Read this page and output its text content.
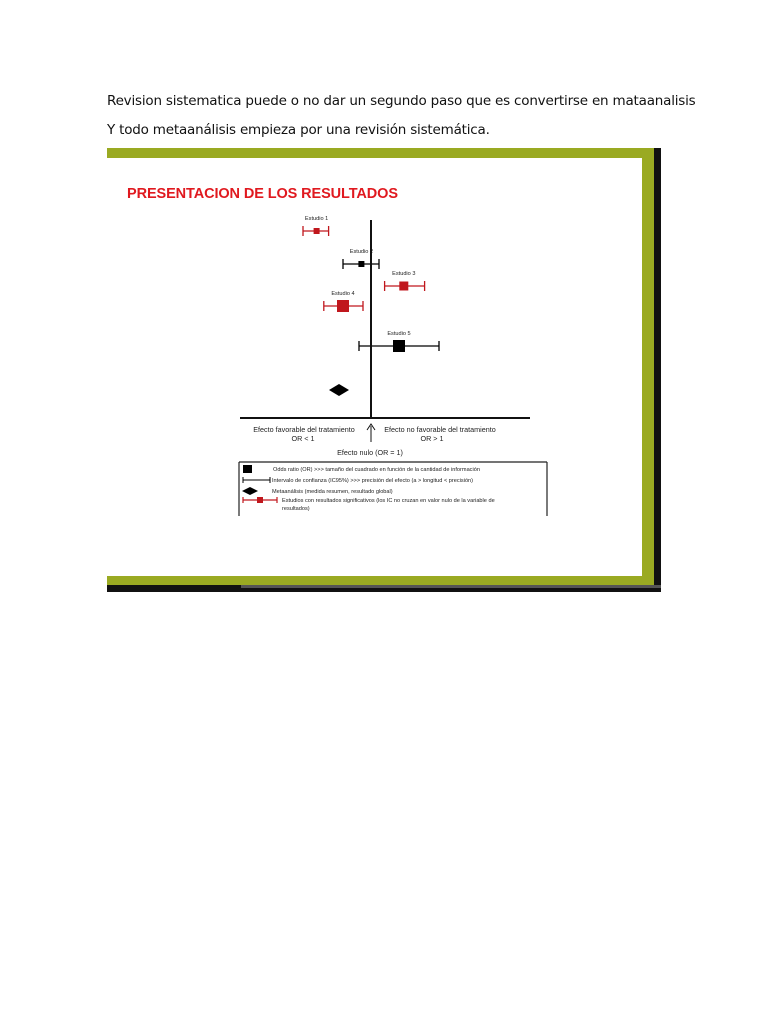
Revision sistematica puede o no dar un segundo paso que es convertirse en mataanalisis
Y todo metaanálisis empieza por una revisión sistemática.
PRESENTACION DE LOS RESULTADOS
Estudio 1
Estudio 2
Estudio 3
Estudio 4
Estudio 5
Efecto favorable del tratamiento
OR < 1
Efecto no favorable del tratamiento
OR > 1
Efecto nulo (OR = 1)
Odds ratio (OR) >>> tamaño del cuadrado en función de la cantidad de información
Intervalo de confianza (IC95%) >>> precisión del efecto (a > longitud < precisión)
Metaanálisis (medida resumen, resultado global)
Estudios con resultados significativos (los IC no cruzan en valor nulo de la variable de
resultados)
